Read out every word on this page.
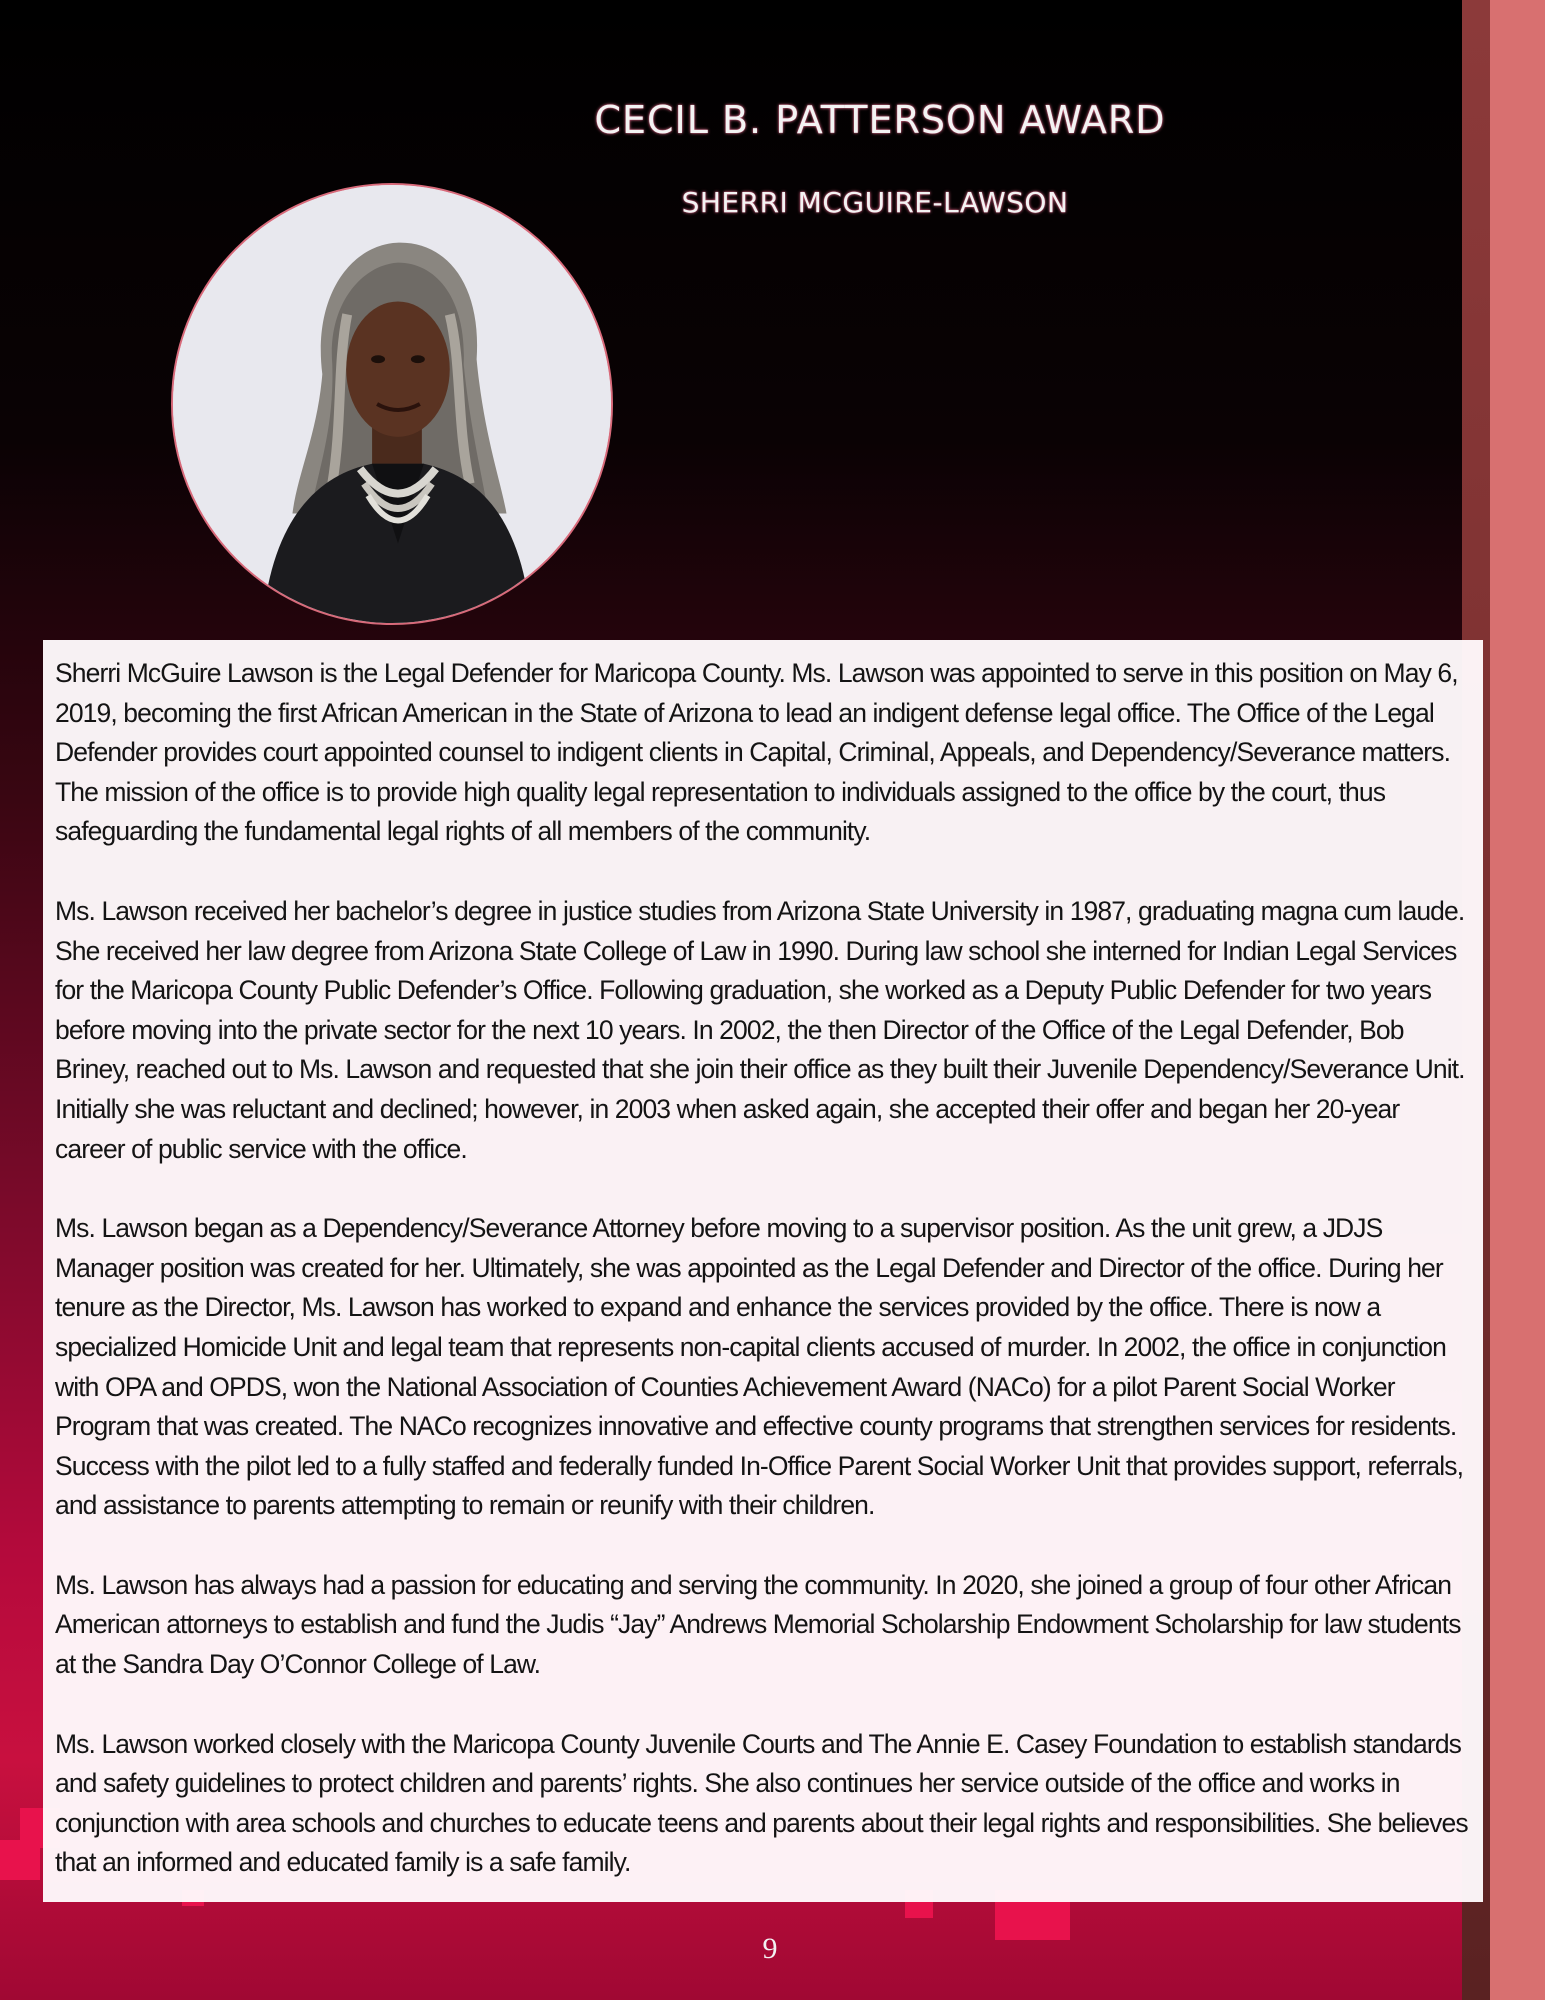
CECIL B. PATTERSON AWARD
SHERRI MCGUIRE-LAWSON

Sherri McGuire Lawson is the Legal Defender for Maricopa County. Ms. Lawson was appointed to serve in this position on May 6, 2019, becoming the first African American in the State of Arizona to lead an indigent defense legal office. The Office of the Legal Defender provides court appointed counsel to indigent clients in Capital, Criminal, Appeals, and Dependency/Severance matters. The mission of the office is to provide high quality legal representation to individuals assigned to the office by the court, thus safeguarding the fundamental legal rights of all members of the community.

Ms. Lawson received her bachelor’s degree in justice studies from Arizona State University in 1987, graduating magna cum laude. She received her law degree from Arizona State College of Law in 1990. During law school she interned for Indian Legal Services for the Maricopa County Public Defender’s Office. Following graduation, she worked as a Deputy Public Defender for two years before moving into the private sector for the next 10 years. In 2002, the then Director of the Office of the Legal Defender, Bob Briney, reached out to Ms. Lawson and requested that she join their office as they built their Juvenile Dependency/Severance Unit. Initially she was reluctant and declined; however, in 2003 when asked again, she accepted their offer and began her 20-year career of public service with the office.

Ms. Lawson began as a Dependency/Severance Attorney before moving to a supervisor position. As the unit grew, a JDJS Manager position was created for her. Ultimately, she was appointed as the Legal Defender and Director of the office. During her tenure as the Director, Ms. Lawson has worked to expand and enhance the services provided by the office. There is now a specialized Homicide Unit and legal team that represents non-capital clients accused of murder. In 2002, the office in conjunction with OPA and OPDS, won the National Association of Counties Achievement Award (NACo) for a pilot Parent Social Worker Program that was created. The NACo recognizes innovative and effective county programs that strengthen services for residents. Success with the pilot led to a fully staffed and federally funded In-Office Parent Social Worker Unit that provides support, referrals, and assistance to parents attempting to remain or reunify with their children.

Ms. Lawson has always had a passion for educating and serving the community. In 2020, she joined a group of four other African American attorneys to establish and fund the Judis “Jay” Andrews Memorial Scholarship Endowment Scholarship for law students at the Sandra Day O’Connor College of Law.

Ms. Lawson worked closely with the Maricopa County Juvenile Courts and The Annie E. Casey Foundation to establish standards and safety guidelines to protect children and parents’ rights. She also continues her service outside of the office and works in conjunction with area schools and churches to educate teens and parents about their legal rights and responsibilities. She believes that an informed and educated family is a safe family.

9
